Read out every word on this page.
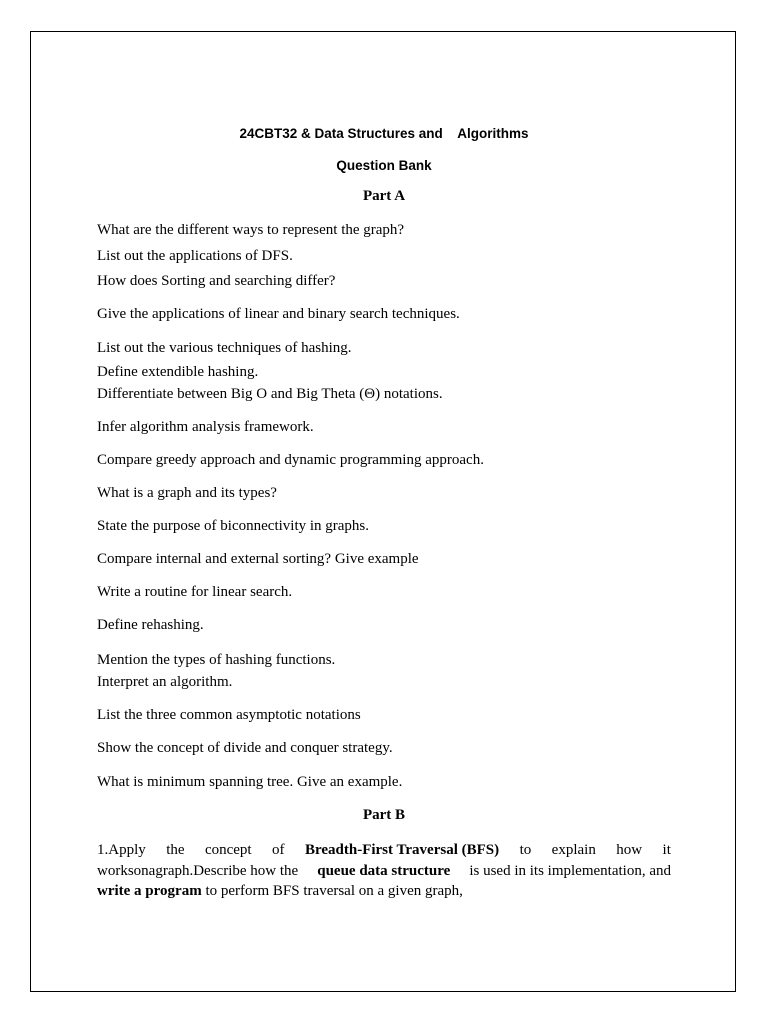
24CBT32 & Data Structures and    Algorithms
Question Bank
Part A
What are the different ways to represent the graph?
List out the applications of DFS.
How does Sorting and searching differ?
Give the applications of linear and binary search techniques.
List out the various techniques of hashing.
Define extendible hashing.
Differentiate between Big O and Big Theta (Θ) notations.
Infer algorithm analysis framework.
Compare greedy approach and dynamic programming approach.
What is a graph and its types?
State the purpose of biconnectivity in graphs.
Compare internal and external sorting? Give example
Write a routine for linear search.
Define rehashing.
Mention the types of hashing functions.
Interpret an algorithm.
List the three common asymptotic notations
Show the concept of divide and conquer strategy.
What is minimum spanning tree. Give an example.
Part B
1.Apply the concept of Breadth-First Traversal (BFS) to explain how it
worksonagraph.Describe how the queue data structure is used in its implementation, and
write a program to perform BFS traversal on a given graph,
